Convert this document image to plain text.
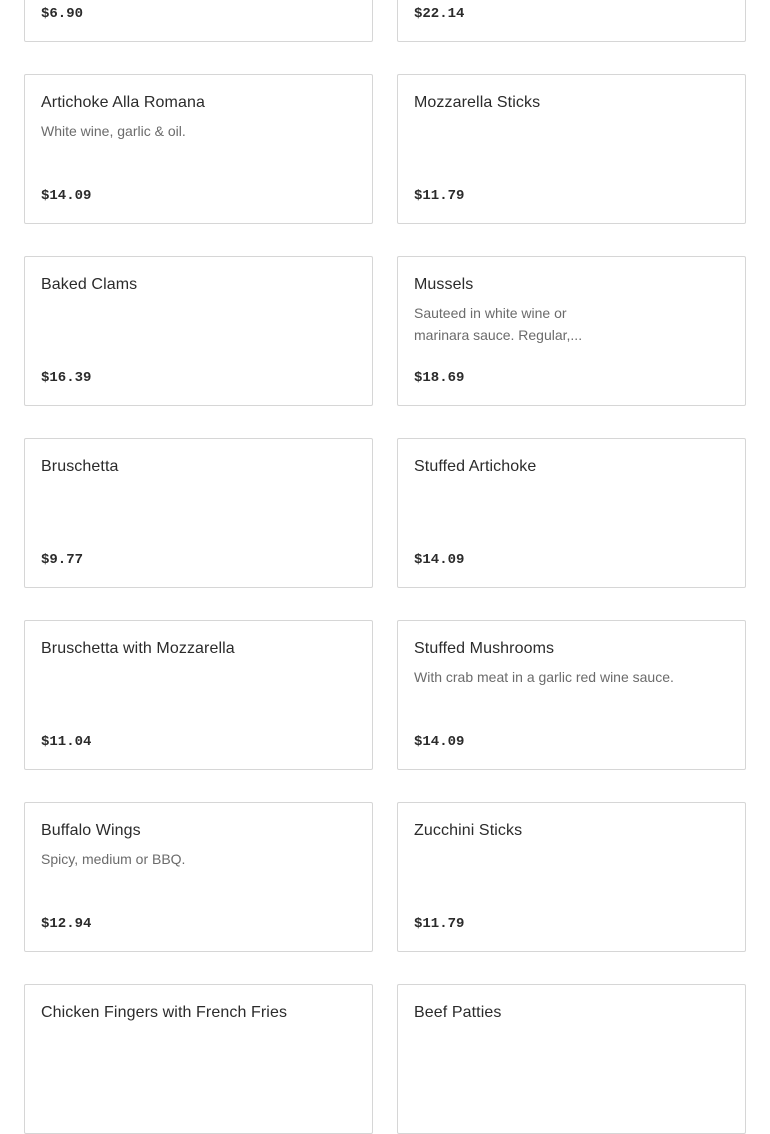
$6.90	$22.14
Artichoke Alla Romana
White wine, garlic & oil.
$14.09
Mozzarella Sticks
$11.79
Baked Clams
$16.39
Mussels
Sauteed in white wine or marinara sauce. Regular,...
$18.69
Bruschetta
$9.77
Stuffed Artichoke
$14.09
Bruschetta with Mozzarella
$11.04
Stuffed Mushrooms
With crab meat in a garlic red wine sauce.
$14.09
Buffalo Wings
Spicy, medium or BBQ.
$12.94
Zucchini Sticks
$11.79
Chicken Fingers with French Fries	Beef Patties
